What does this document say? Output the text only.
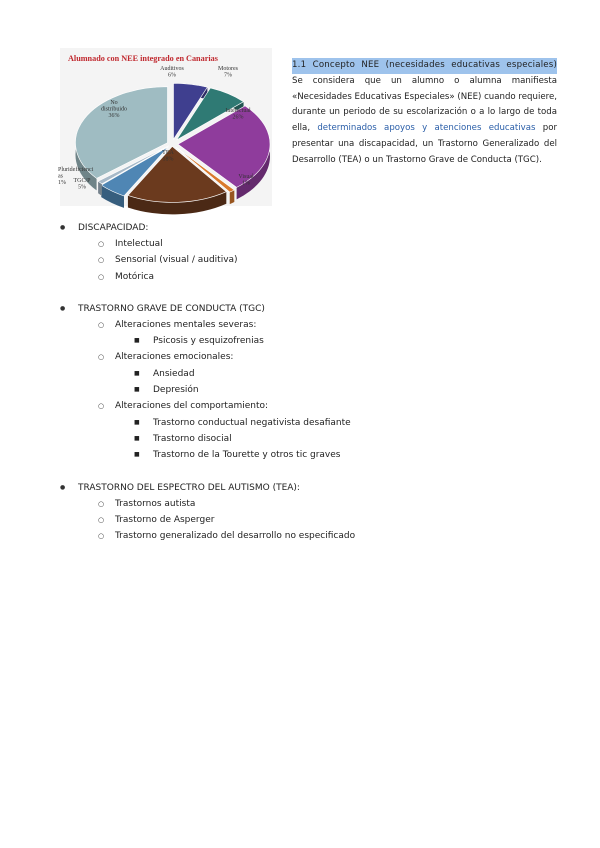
Alumnado con NEE integrado en Canarias
Auditivos 6%
Motores 7%
Intelectual 26%
Visual 1%
TEA 18%
TGC/P 5%
Plurideficienci as 1%
No distribuido 36%
1.1 Concepto NEE (necesidades educativas especiales)
Se considera que un alumno o alumna manifiesta «Necesidades Educativas Especiales» (NEE) cuando requiere, durante un periodo de su escolarización o a lo largo de toda ella, determinados apoyos y atenciones educativas por presentar una discapacidad, un Trastorno Generalizado del Desarrollo (TEA) o un Trastorno Grave de Conducta (TGC).
● DISCAPACIDAD:
○ Intelectual
○ Sensorial (visual / auditiva)
○ Motórica
● TRASTORNO GRAVE DE CONDUCTA (TGC)
○ Alteraciones mentales severas:
■ Psicosis y esquizofrenias
○ Alteraciones emocionales:
■ Ansiedad
■ Depresión
○ Alteraciones del comportamiento:
■ Trastorno conductual negativista desafiante
■ Trastorno disocial
■ Trastorno de la Tourette y otros tic graves
● TRASTORNO DEL ESPECTRO DEL AUTISMO (TEA):
○ Trastornos autista
○ Trastorno de Asperger
○ Trastorno generalizado del desarrollo no especificado
